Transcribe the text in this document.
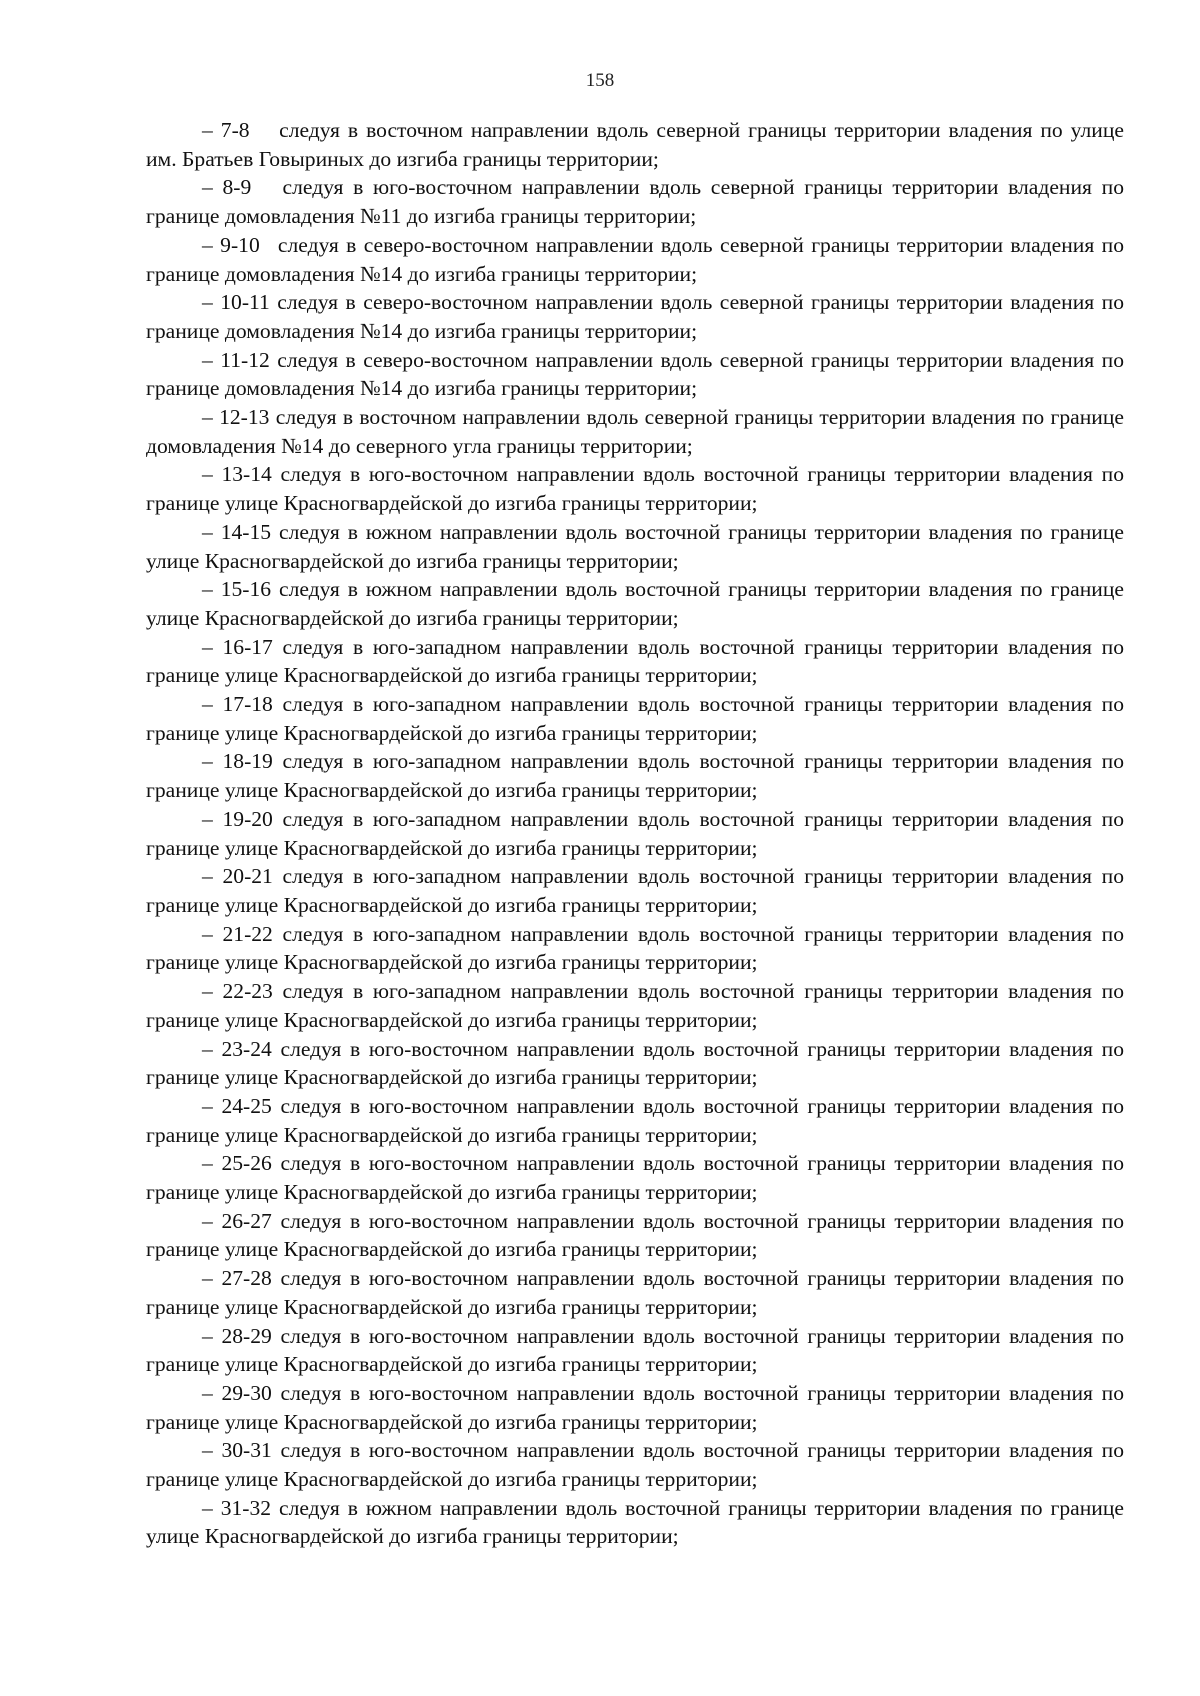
158

– 7-8  следуя в восточном направлении вдоль северной границы территории владения по улице им. Братьев Говыриных до изгиба границы территории;

– 8-9  следуя в юго-восточном направлении вдоль северной границы территории владения по границе домовладения №11 до изгиба границы территории;

– 9-10  следуя в северо-восточном направлении вдоль северной границы территории владения по границе домовладения №14 до изгиба границы территории;

– 10-11 следуя в северо-восточном направлении вдоль северной границы территории владения по границе домовладения №14 до изгиба границы территории;

– 11-12 следуя в северо-восточном направлении вдоль северной границы территории владения по границе домовладения №14 до изгиба границы территории;

– 12-13 следуя в восточном направлении вдоль северной границы территории владения по границе домовладения №14 до северного угла границы территории;

– 13-14 следуя в юго-восточном направлении вдоль восточной границы территории владения по границе улице Красногвардейской до изгиба границы территории;

– 14-15 следуя в южном направлении вдоль восточной границы территории владения по границе улице Красногвардейской до изгиба границы территории;

– 15-16 следуя в южном направлении вдоль восточной границы территории владения по границе улице Красногвардейской до изгиба границы территории;

– 16-17 следуя в юго-западном направлении вдоль восточной границы территории владения по границе улице Красногвардейской до изгиба границы территории;

– 17-18 следуя в юго-западном направлении вдоль восточной границы территории владения по границе улице Красногвардейской до изгиба границы территории;

– 18-19 следуя в юго-западном направлении вдоль восточной границы территории владения по границе улице Красногвардейской до изгиба границы территории;

– 19-20 следуя в юго-западном направлении вдоль восточной границы территории владения по границе улице Красногвардейской до изгиба границы территории;

– 20-21 следуя в юго-западном направлении вдоль восточной границы территории владения по границе улице Красногвардейской до изгиба границы территории;

– 21-22 следуя в юго-западном направлении вдоль восточной границы территории владения по границе улице Красногвардейской до изгиба границы территории;

– 22-23 следуя в юго-западном направлении вдоль восточной границы территории владения по границе улице Красногвардейской до изгиба границы территории;

– 23-24 следуя в юго-восточном направлении вдоль восточной границы территории владения по границе улице Красногвардейской до изгиба границы территории;

– 24-25 следуя в юго-восточном направлении вдоль восточной границы территории владения по границе улице Красногвардейской до изгиба границы территории;

– 25-26 следуя в юго-восточном направлении вдоль восточной границы территории владения по границе улице Красногвардейской до изгиба границы территории;

– 26-27 следуя в юго-восточном направлении вдоль восточной границы территории владения по границе улице Красногвардейской до изгиба границы территории;

– 27-28 следуя в юго-восточном направлении вдоль восточной границы территории владения по границе улице Красногвардейской до изгиба границы территории;

– 28-29 следуя в юго-восточном направлении вдоль восточной границы территории владения по границе улице Красногвардейской до изгиба границы территории;

– 29-30 следуя в юго-восточном направлении вдоль восточной границы территории владения по границе улице Красногвардейской до изгиба границы территории;

– 30-31 следуя в юго-восточном направлении вдоль восточной границы территории владения по границе улице Красногвардейской до изгиба границы территории;

– 31-32 следуя в южном направлении вдоль восточной границы территории владения по границе улице Красногвардейской до изгиба границы территории;
